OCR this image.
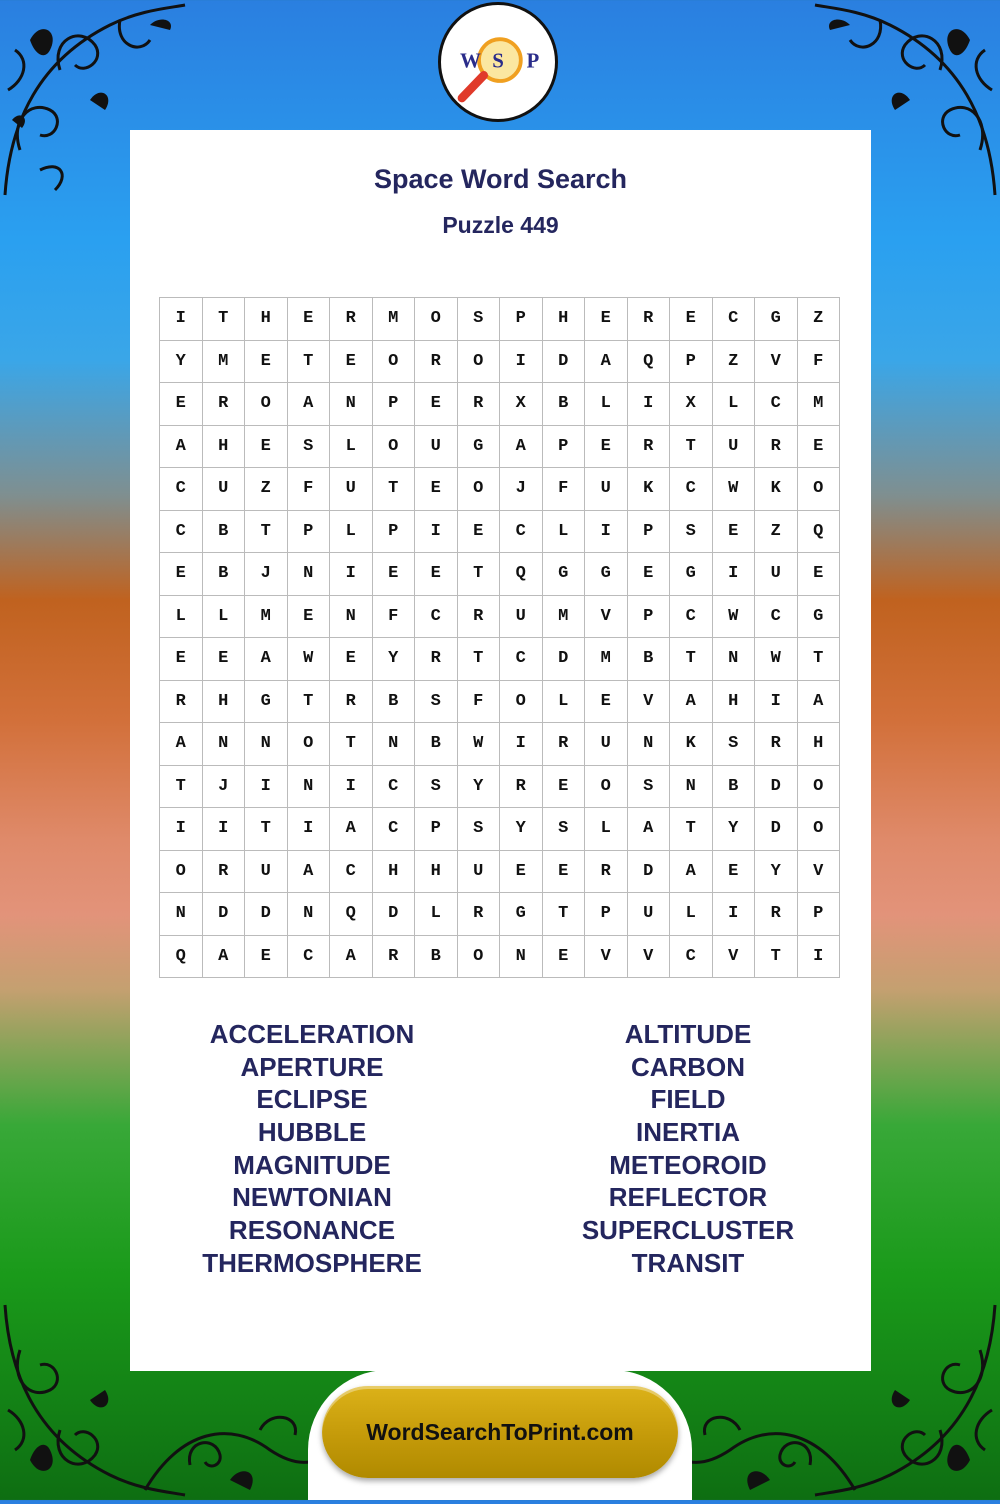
W S P
Space Word Search
Puzzle 449
I	T	H	E	R	M	O	S	P	H	E	R	E	C	G	Z
Y	M	E	T	E	O	R	O	I	D	A	Q	P	Z	V	F
E	R	O	A	N	P	E	R	X	B	L	I	X	L	C	M
A	H	E	S	L	O	U	G	A	P	E	R	T	U	R	E
C	U	Z	F	U	T	E	O	J	F	U	K	C	W	K	O
C	B	T	P	L	P	I	E	C	L	I	P	S	E	Z	Q
E	B	J	N	I	E	E	T	Q	G	G	E	G	I	U	E
L	L	M	E	N	F	C	R	U	M	V	P	C	W	C	G
E	E	A	W	E	Y	R	T	C	D	M	B	T	N	W	T
R	H	G	T	R	B	S	F	O	L	E	V	A	H	I	A
A	N	N	O	T	N	B	W	I	R	U	N	K	S	R	H
T	J	I	N	I	C	S	Y	R	E	O	S	N	B	D	O
I	I	T	I	A	C	P	S	Y	S	L	A	T	Y	D	O
O	R	U	A	C	H	H	U	E	E	R	D	A	E	Y	V
N	D	D	N	Q	D	L	R	G	T	P	U	L	I	R	P
Q	A	E	C	A	R	B	O	N	E	V	V	C	V	T	I
ACCELERATION
APERTURE
ECLIPSE
HUBBLE
MAGNITUDE
NEWTONIAN
RESONANCE
THERMOSPHERE
ALTITUDE
CARBON
FIELD
INERTIA
METEOROID
REFLECTOR
SUPERCLUSTER
TRANSIT
WordSearchToPrint.com
